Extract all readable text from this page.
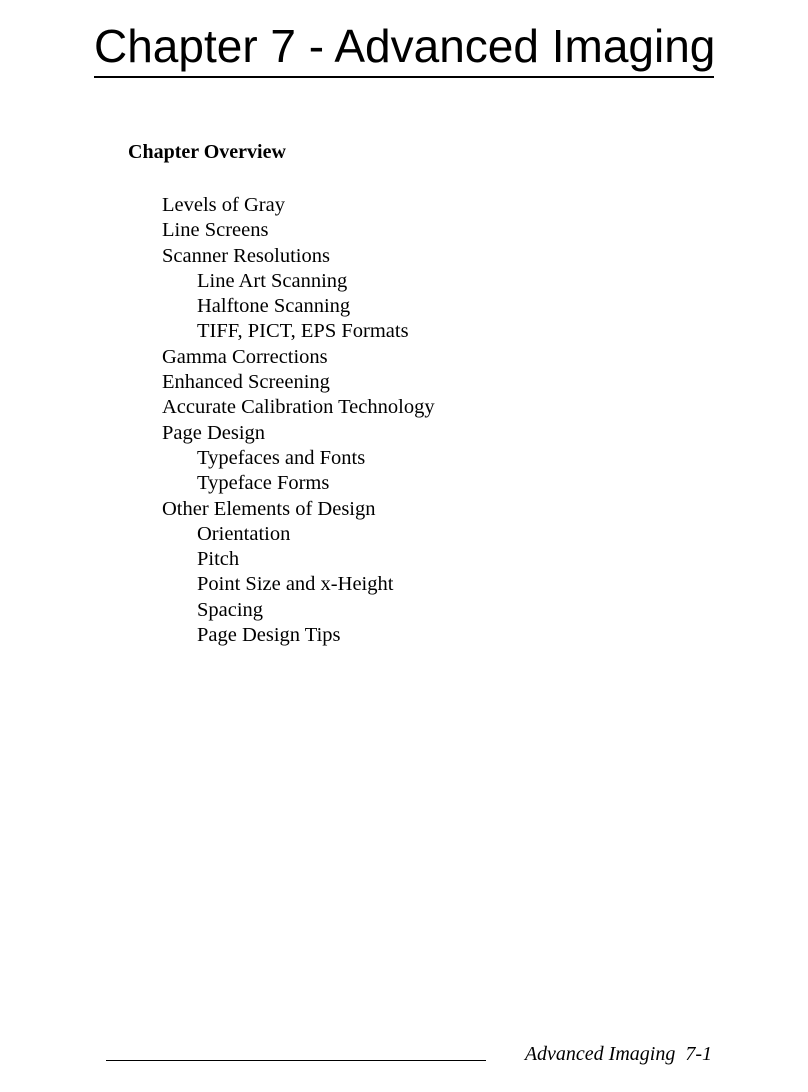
Chapter 7 - Advanced Imaging
Chapter Overview
Levels of Gray
Line Screens
Scanner Resolutions
Line Art Scanning
Halftone Scanning
TIFF, PICT, EPS Formats
Gamma Corrections
Enhanced Screening
Accurate Calibration Technology
Page Design
Typefaces and Fonts
Typeface Forms
Other Elements of Design
Orientation
Pitch
Point Size and x-Height
Spacing
Page Design Tips
Advanced Imaging 7-1
